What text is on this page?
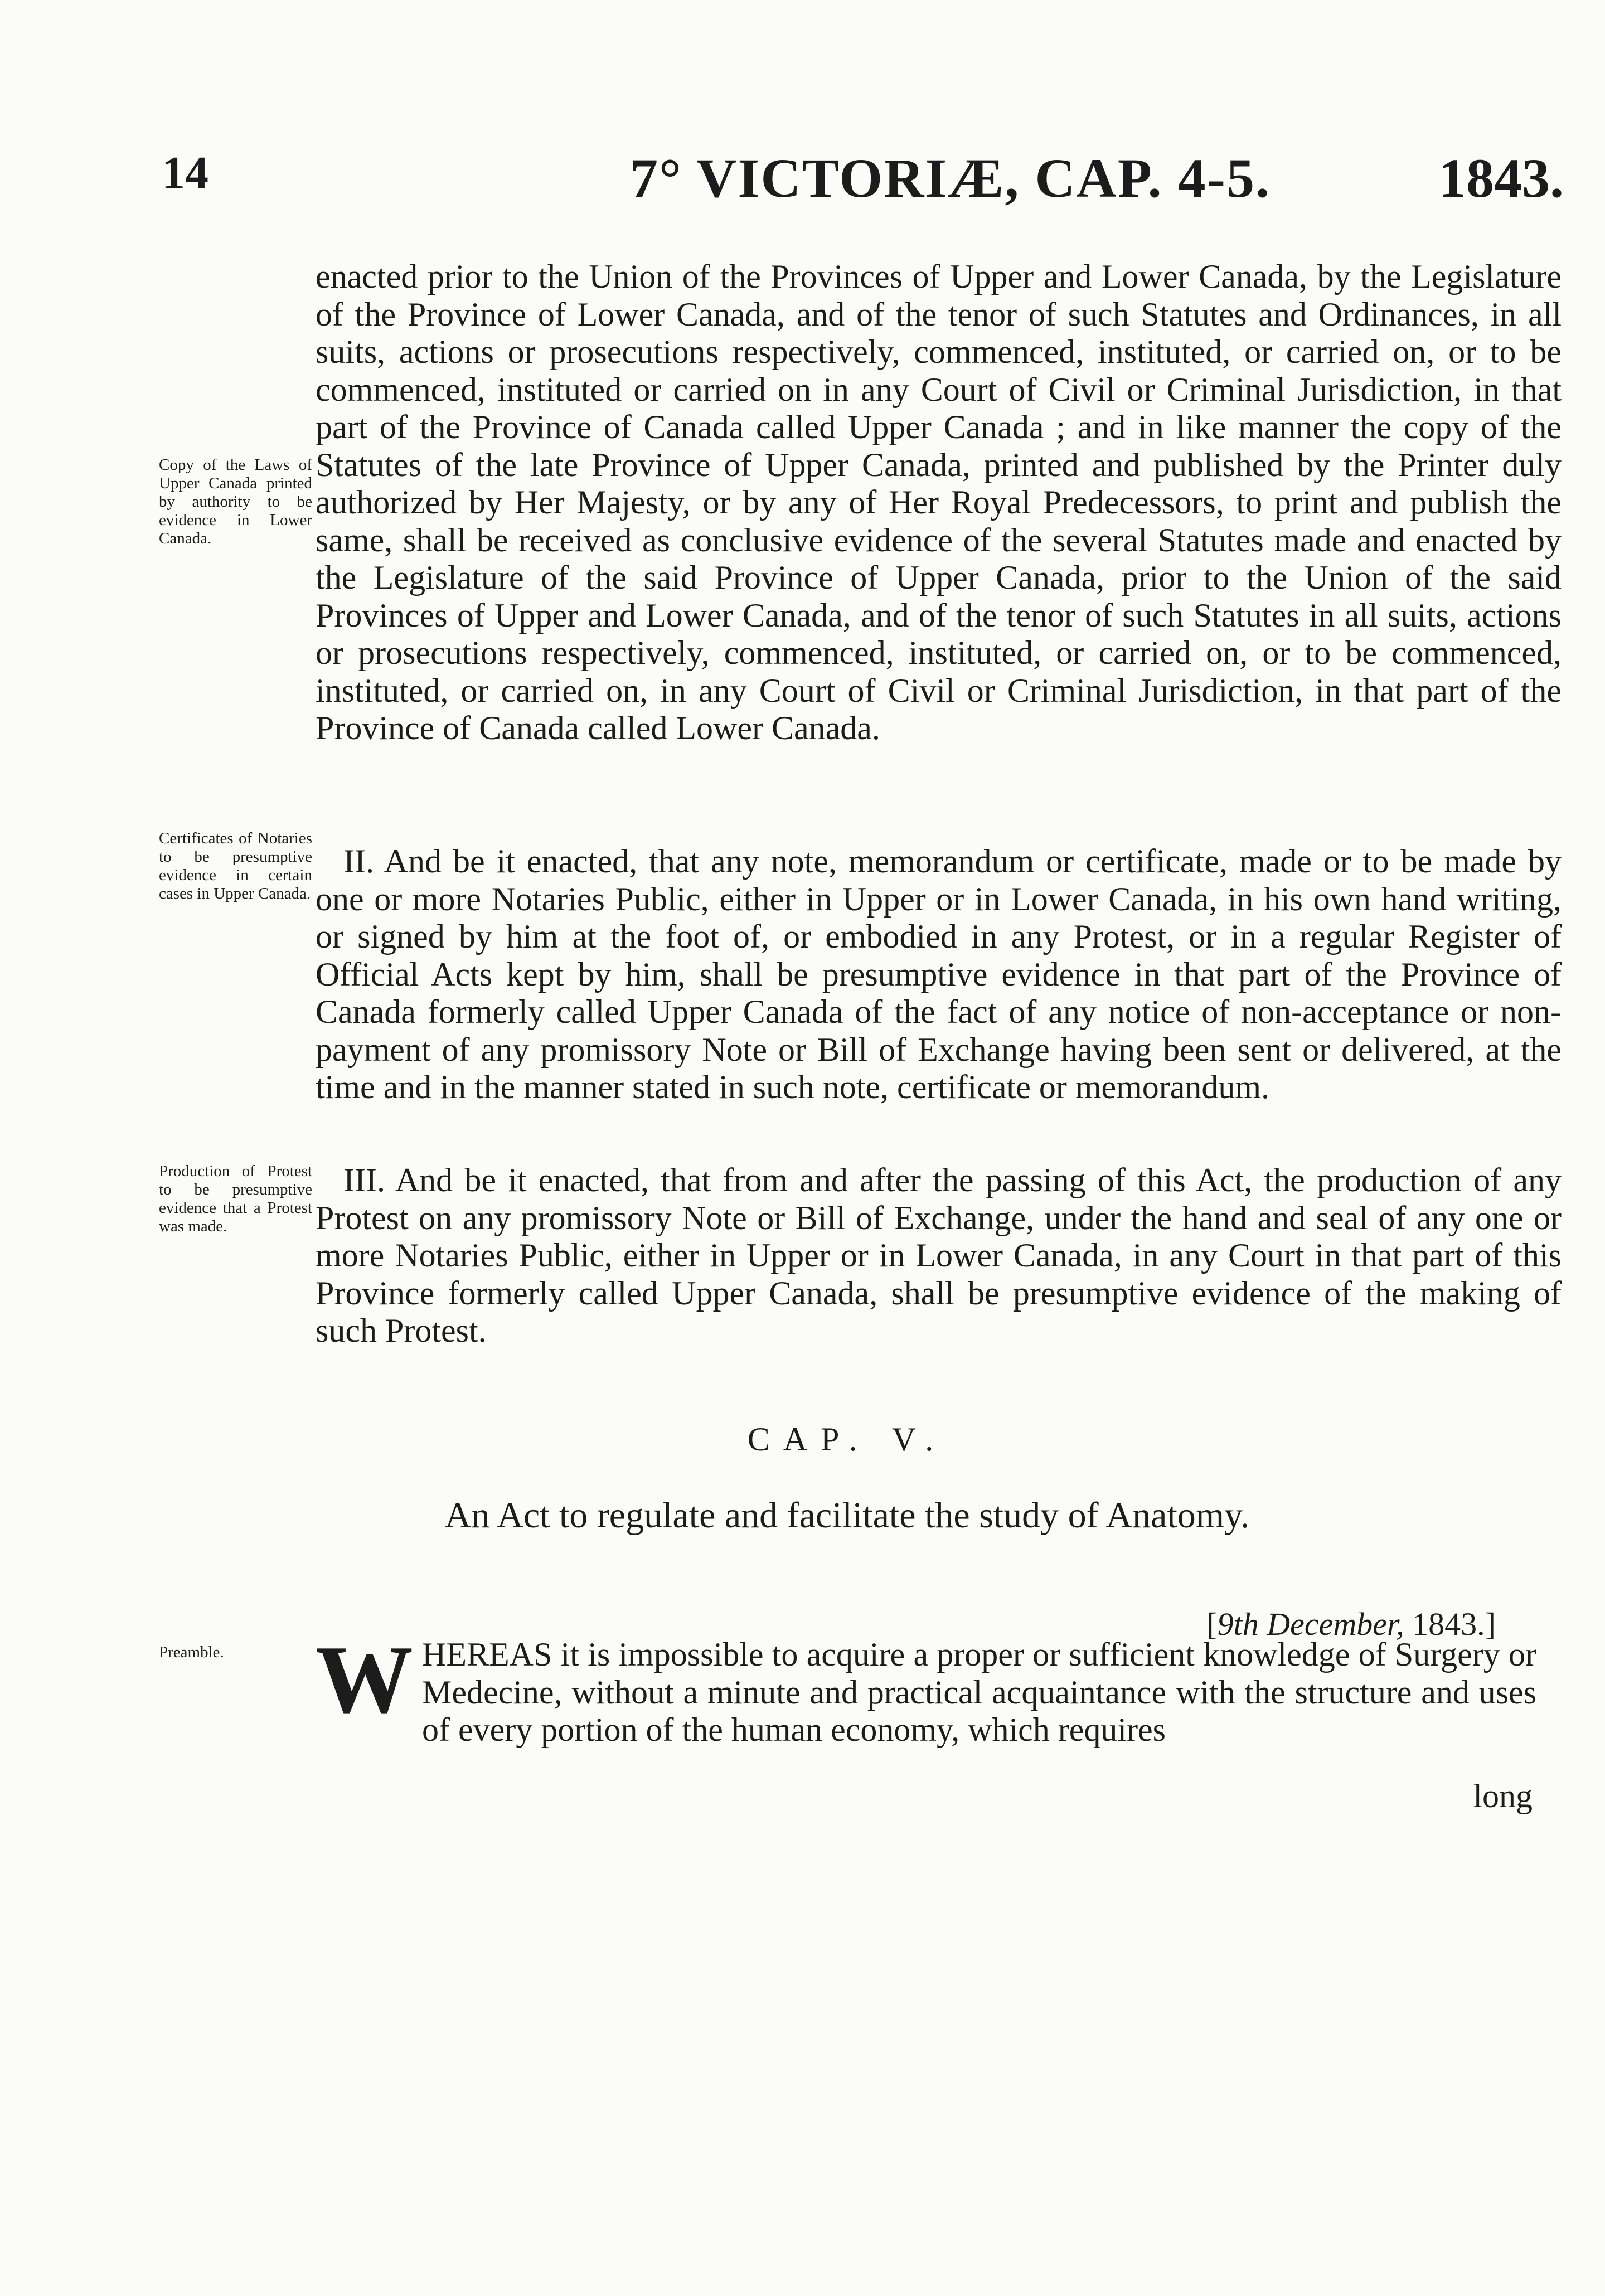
14	7° VICTORIÆ, CAP. 4-5.	1843.
Copy of the Laws of Upper Canada printed by authority to be evidence in Lower Canada.
enacted prior to the Union of the Provinces of Upper and Lower Canada, by the Legislature of the Province of Lower Canada, and of the tenor of such Statutes and Ordinances, in all suits, actions or prosecutions respectively, commenced, instituted, or carried on, or to be commenced, instituted or carried on in any Court of Civil or Criminal Jurisdiction, in that part of the Province of Canada called Upper Canada ; and in like manner the copy of the Statutes of the late Province of Upper Canada, printed and published by the Printer duly authorized by Her Majesty, or by any of Her Royal Predecessors, to print and publish the same, shall be received as conclusive evidence of the several Statutes made and enacted by the Legislature of the said Province of Upper Canada, prior to the Union of the said Provinces of Upper and Lower Canada, and of the tenor of such Statutes in all suits, actions or prosecutions respectively, commenced, instituted, or carried on, or to be commenced, instituted, or carried on, in any Court of Civil or Criminal Jurisdiction, in that part of the Province of Canada called Lower Canada.
Certificates of Notaries to be presumptive evidence in certain cases in Upper Canada.
II. And be it enacted, that any note, memorandum or certificate, made or to be made by one or more Notaries Public, either in Upper or in Lower Canada, in his own hand writing, or signed by him at the foot of, or embodied in any Protest, or in a regular Register of Official Acts kept by him, shall be presumptive evidence in that part of the Province of Canada formerly called Upper Canada of the fact of any notice of non-acceptance or non-payment of any promissory Note or Bill of Exchange having been sent or delivered, at the time and in the manner stated in such note, certificate or memorandum.
Production of Protest to be presumptive evidence that a Protest was made.
III. And be it enacted, that from and after the passing of this Act, the production of any Protest on any promissory Note or Bill of Exchange, under the hand and seal of any one or more Notaries Public, either in Upper or in Lower Canada, in any Court in that part of this Province formerly called Upper Canada, shall be presumptive evidence of the making of such Protest.
CAP. V.
An Act to regulate and facilitate the study of Anatomy.
[9th December, 1843.]
Preamble. WHEREAS it is impossible to acquire a proper or sufficient knowledge of Surgery or Medecine, without a minute and practical acquaintance with the structure and uses of every portion of the human economy, which requires
long
